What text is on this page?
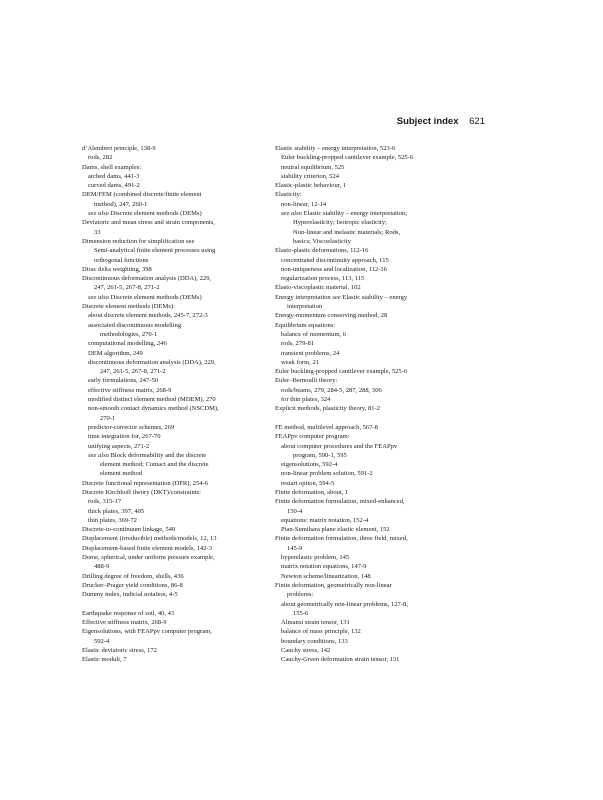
Subject index 621
d’Alembert principle, 138-9
rods, 282
Dams, shell examples:
arched dams, 441-3
curved dams, 491-2
DEM/FEM (combined discrete/finite element
method), 247, 260-1
see also Discrete element methods (DEMs)
Deviatoric and mean stress and strain components,
33
Dimension reduction for simplification see
Semi-analytical finite element processes using
orthogonal functions
Dirac delta weighting, 398
Discontinuous deformation analysis (DDA), 229,
247, 261-5, 267-8, 271-2
see also Discrete element methods (DEMs)
Discrete element methods (DEMs):
about discrete element methods, 245-7, 272-3
associated discontinuous modelling
methodologies, 270-1
computational modelling, 246
DEM algorithm, 249
discontinuous deformation analysis (DDA), 229,
247, 261-5, 267-8, 271-2
early formulations, 247-50
effective stiffness matrix, 268-9
modified distinct element method (MDEM), 270
non-smooth contact dynamics method (NSCDM),
270-1
predictor-corrector schemes, 269
time integration for, 267-70
unifying aspects, 271-2
see also Block deformability and the discrete
element method; Contact and the discrete
element method
Discrete functional representation (DFR), 254-6
Discrete Kirchhoff theory (DKT)/constraints:
rods, 315-17
thick plates, 397, 405
thin plates, 369-72
Discrete-to-continuum linkage, 549
Displacement (irreducible) methods/models, 12, 13
Displacement-based finite element models, 142-3
Dome, spherical, under uniform pressure example,
488-9
Drilling degree of freedom, shells, 436
Drucker–Prager yield conditions, 86-8
Dummy index, indicial notation, 4-5
Earthquake response of soil, 40, 43
Effective stiffness matrix, 268-9
Eigensolutions, with FEAPpv computer program,
592-4
Elastic deviatoric stress, 172
Elastic moduli, 7
Elastic stability – energy interpretation, 523-6
Euler buckling-propped cantilever example, 525-6
neutral equilibrium, 525
stability criterion, 524
Elastic-plastic behaviour, 1
Elasticity:
non-linear, 12-14
see also Elastic stability – energy interpretation;
Hyperelasticity; Isotropic elasticity;
Non-linear and inelastic materials; Rods,
basics; Viscoelasticity
Elasto-plastic deformations, 112-16
concentrated discontinuity approach, 115
non-uniqueness and localization, 112-16
regularization process, 113, 115
Elasto-viscoplastic material, 102
Energy interpretation see Elastic stability – energy
interpretation
Energy-momentum conserving method, 28
Equilibrium equations:
balance of momentum, 6
rods, 279-81
transient problems, 24
weak form, 21
Euler buckling-propped cantilever example, 525-6
Euler–Bernoulli theory:
rods/beams, 279, 284-5, 287, 288, 306
for thin plates, 324
Explicit methods, plasticity theory, 81-2
FE method, multilevel approach, 567-8
FEAPpv computer program:
about computer procedures and the FEAPpv
program, 590-1, 595
eigensolutions, 592-4
non-linear problem solution, 591-2
restart option, 594-5
Finite deformation, about, 1
Finite deformation formulation, mixed-enhanced,
150-4
equations: matrix notation, 152-4
Pian-Sumihara plane elastic element, 152
Finite deformation formulation, three field, mixed,
145-9
hyperelastic problem, 145
matrix notation equations, 147-9
Newton scheme/linearization, 148
Finite deformation, geometrically non-linear
problems:
about geometrically non-linear problems, 127-8,
155-6
Almansi strain tensor, 131
balance of mass principle, 132
boundary conditions, 133
Cauchy stress, 142
Cauchy-Green deformation strain tensor, 131
